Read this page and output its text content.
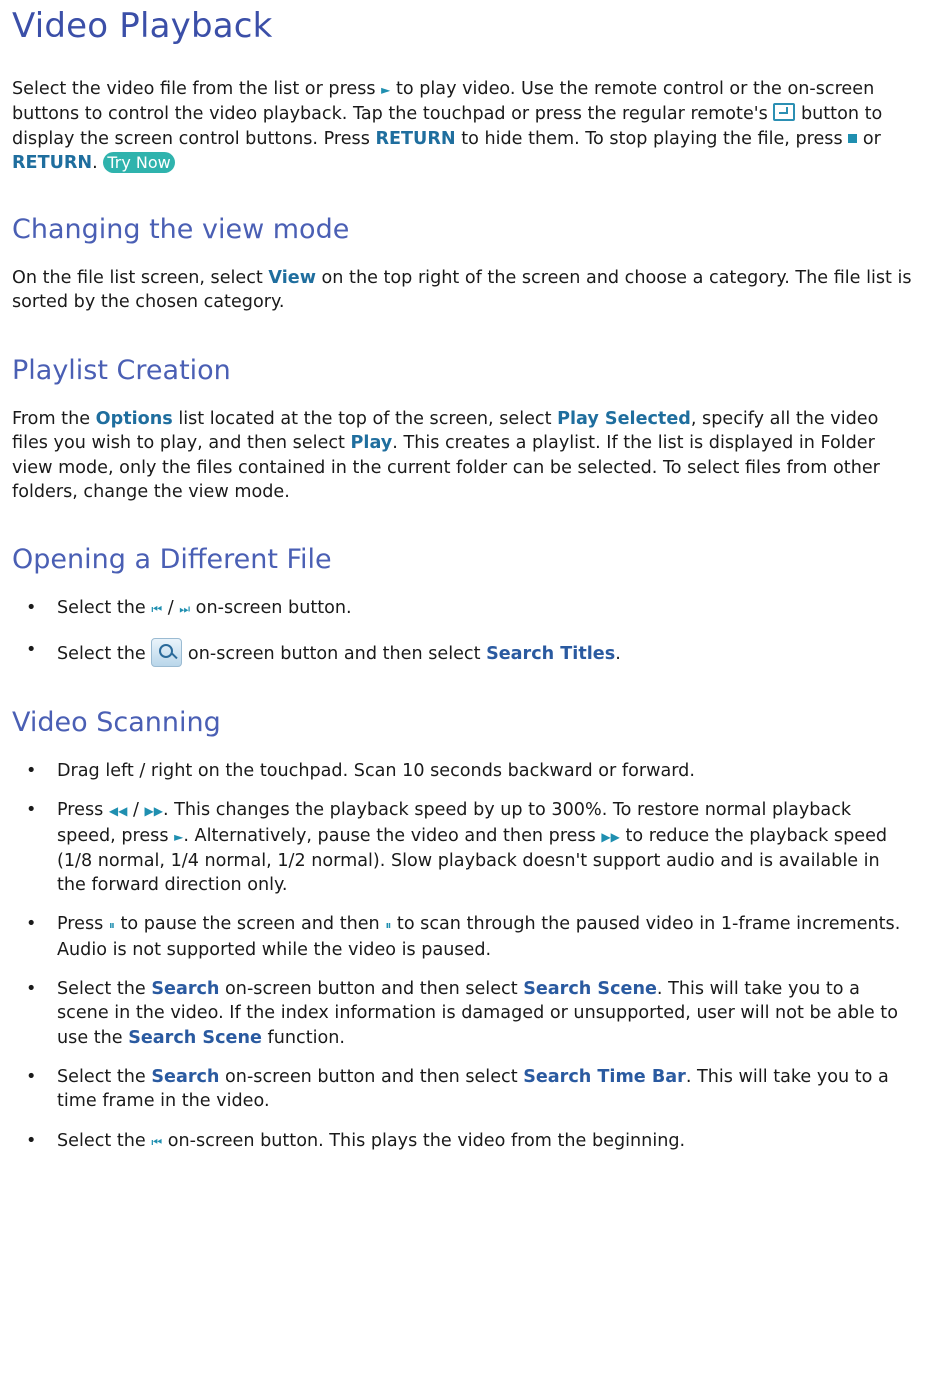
Video Playback

Select the video file from the list or press ► to play video. Use the remote control or the on-screen buttons to control the video playback. Tap the touchpad or press the regular remote's  button to display the screen control buttons. Press RETURN to hide them. To stop playing the file, press  or RETURN. Try Now

Changing the view mode

On the file list screen, select View on the top right of the screen and choose a category. The file list is sorted by the chosen category.

Playlist Creation

From the Options list located at the top of the screen, select Play Selected, specify all the video files you wish to play, and then select Play. This creates a playlist. If the list is displayed in Folder view mode, only the files contained in the current folder can be selected. To select files from other folders, change the view mode.

Opening a Different File
• Select the ⏮ / ⏭ on-screen button.
• Select the  on-screen button and then select Search Titles.
Video Scanning
• Drag left / right on the touchpad. Scan 10 seconds backward or forward.
• Press ◀◀ / ▶▶. This changes the playback speed by up to 300%. To restore normal playback speed, press ►. Alternatively, pause the video and then press ▶▶ to reduce the playback speed (1/8 normal, 1/4 normal, 1/2 normal). Slow playback doesn't support audio and is available in the forward direction only.
• Press ⏸ to pause the screen and then ⏸ to scan through the paused video in 1-frame increments. Audio is not supported while the video is paused.
• Select the Search on-screen button and then select Search Scene. This will take you to a scene in the video. If the index information is damaged or unsupported, user will not be able to use the Search Scene function.
• Select the Search on-screen button and then select Search Time Bar. This will take you to a time frame in the video.
• Select the ⏮ on-screen button. This plays the video from the beginning.
